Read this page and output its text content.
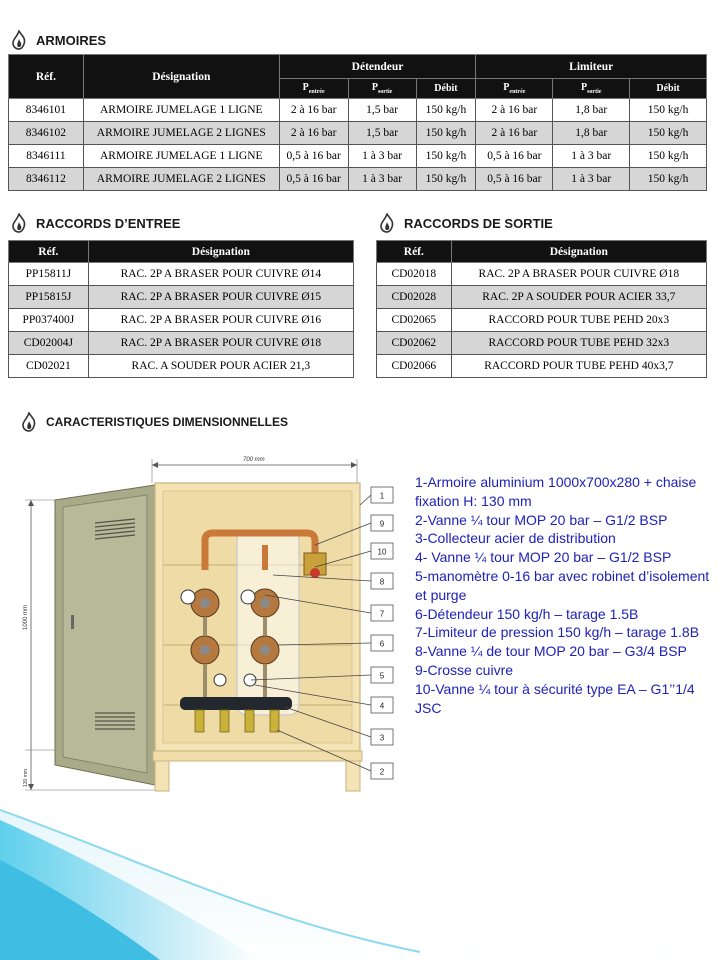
ARMOIRES
Réf.	Désignation	Détendeur			Limiteur		
		$P_{entrée}$	$P_{sortie}$	Débit	$P_{entrée}$	$P_{sortie}$	Débit
8346101	ARMOIRE JUMELAGE 1 LIGNE	2 à 16 bar	1,5 bar	150 kg/h	2 à 16 bar	1,8 bar	150 kg/h
8346102	ARMOIRE JUMELAGE 2 LIGNES	2 à 16 bar	1,5 bar	150 kg/h	2 à 16 bar	1,8 bar	150 kg/h
8346111	ARMOIRE JUMELAGE 1 LIGNE	0,5 à 16 bar	1 à 3 bar	150 kg/h	0,5 à 16 bar	1 à 3 bar	150 kg/h
8346112	ARMOIRE JUMELAGE 2 LIGNES	0,5 à 16 bar	1 à 3 bar	150 kg/h	0,5 à 16 bar	1 à 3 bar	150 kg/h
RACCORDS D’ENTREE
Réf.	Désignation
PP15811J	RAC. 2P A BRASER POUR CUIVRE Ø14
PP15815J	RAC. 2P A BRASER POUR CUIVRE Ø15
PP037400J	RAC. 2P A BRASER POUR CUIVRE Ø16
CD02004J	RAC. 2P A BRASER POUR CUIVRE Ø18
CD02021	RAC. A SOUDER POUR ACIER 21,3
RACCORDS DE SORTIE
Réf.	Désignation
CD02018	RAC. 2P A BRASER POUR CUIVRE Ø18
CD02028	RAC. 2P A SOUDER POUR ACIER 33,7
CD02065	RACCORD POUR TUBE PEHD 20x3
CD02062	RACCORD POUR TUBE PEHD 32x3
CD02066	RACCORD POUR TUBE PEHD 40x3,7
CARACTERISTIQUES DIMENSIONNELLES
700 mm
1000 mm
130 mm
1
9
10
8
7
6
5
4
3
2
1-Armoire aluminium 1000x700x280 + chaise fixation H: 130 mm
2-Vanne ¼ tour MOP 20 bar – G1/2 BSP
3-Collecteur acier de distribution
4- Vanne ¼ tour MOP 20 bar – G1/2 BSP
5-manomètre 0-16 bar avec robinet d’isolement et purge
6-Détendeur 150 kg/h – tarage 1.5B
7-Limiteur de pression 150 kg/h – tarage 1.8B
8-Vanne ¼ de tour MOP 20 bar – G3/4 BSP
9-Crosse cuivre
10-Vanne ¼ tour à sécurité type EA – G1’’1/4 JSC
